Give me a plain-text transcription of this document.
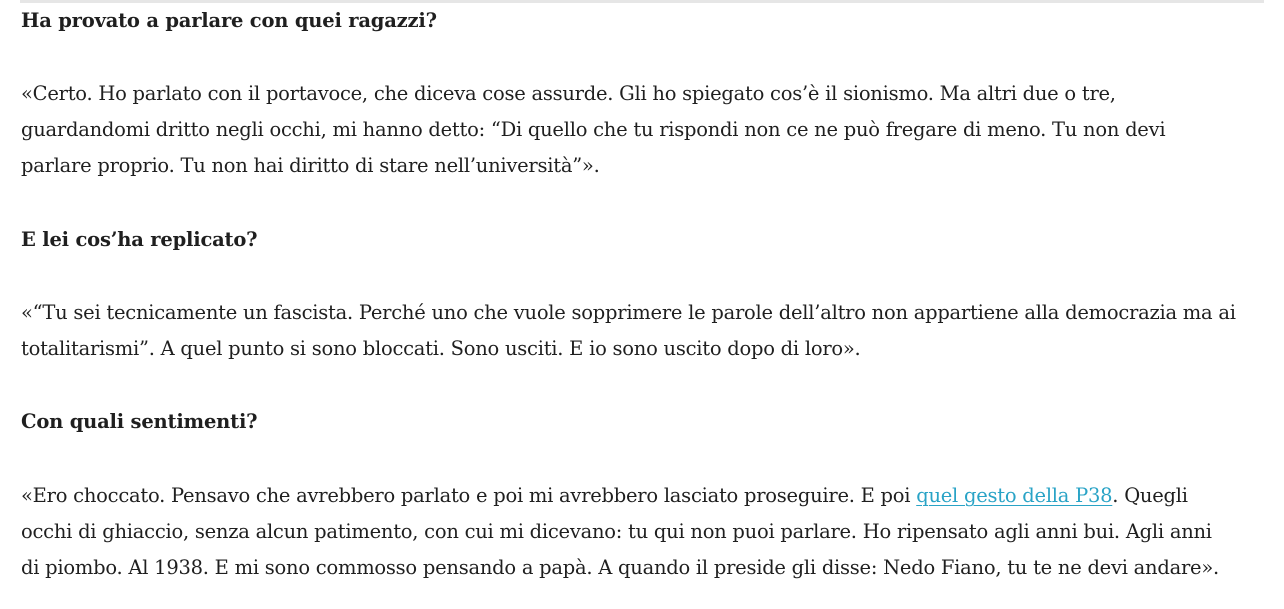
Ha provato a parlare con quei ragazzi?

«Certo. Ho parlato con il portavoce, che diceva cose assurde. Gli ho spiegato cos’è il sionismo. Ma altri due o tre,
guardandomi dritto negli occhi, mi hanno detto: “Di quello che tu rispondi non ce ne può fregare di meno. Tu non devi
parlare proprio. Tu non hai diritto di stare nell’università”».

E lei cos’ha replicato?

«“Tu sei tecnicamente un fascista. Perché uno che vuole sopprimere le parole dell’altro non appartiene alla democrazia ma ai
totalitarismi”. A quel punto si sono bloccati. Sono usciti. E io sono uscito dopo di loro».

Con quali sentimenti?

«Ero choccato. Pensavo che avrebbero parlato e poi mi avrebbero lasciato proseguire. E poi quel gesto della P38. Quegli
occhi di ghiaccio, senza alcun patimento, con cui mi dicevano: tu qui non puoi parlare. Ho ripensato agli anni bui. Agli anni
di piombo. Al 1938. E mi sono commosso pensando a papà. A quando il preside gli disse: Nedo Fiano, tu te ne devi andare».
